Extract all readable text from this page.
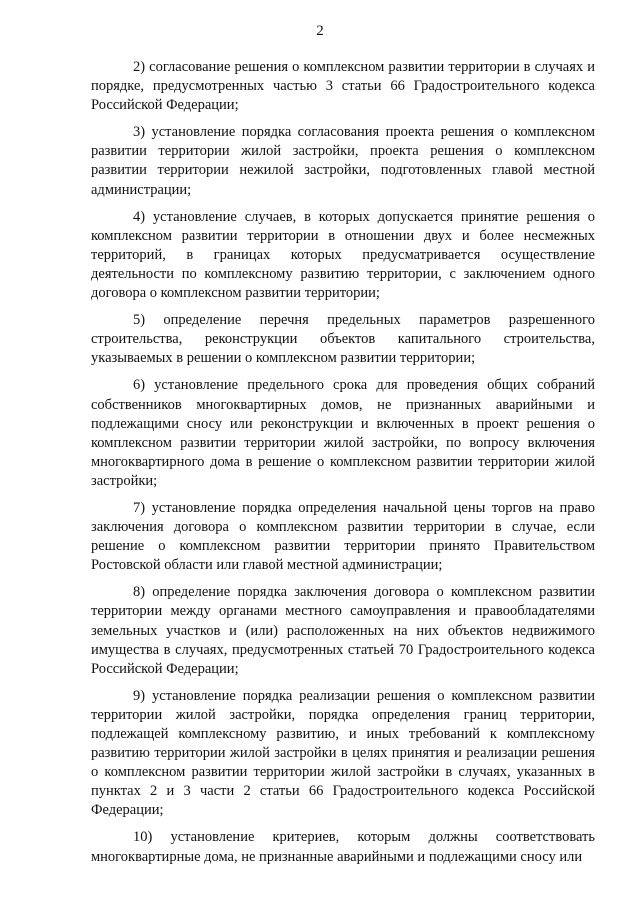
2

2) согласование решения о комплексном развитии территории в случаях и порядке, предусмотренных частью 3 статьи 66 Градостроительного кодекса Российской Федерации;

3) установление порядка согласования проекта решения о комплексном развитии территории жилой застройки, проекта решения о комплексном развитии территории нежилой застройки, подготовленных главой местной администрации;

4) установление случаев, в которых допускается принятие решения о комплексном развитии территории в отношении двух и более несмежных территорий, в границах которых предусматривается осуществление деятельности по комплексному развитию территории, с заключением одного договора о комплексном развитии территории;

5) определение перечня предельных параметров разрешенного строительства, реконструкции объектов капитального строительства, указываемых в решении о комплексном развитии территории;

6) установление предельного срока для проведения общих собраний собственников многоквартирных домов, не признанных аварийными и подлежащими сносу или реконструкции и включенных в проект решения о комплексном развитии территории жилой застройки, по вопросу включения многоквартирного дома в решение о комплексном развитии территории жилой застройки;

7) установление порядка определения начальной цены торгов на право заключения договора о комплексном развитии территории в случае, если решение о комплексном развитии территории принято Правительством Ростовской области или главой местной администрации;

8) определение порядка заключения договора о комплексном развитии территории между органами местного самоуправления и правообладателями земельных участков и (или) расположенных на них объектов недвижимого имущества в случаях, предусмотренных статьей 70 Градостроительного кодекса Российской Федерации;

9) установление порядка реализации решения о комплексном развитии территории жилой застройки, порядка определения границ территории, подлежащей комплексному развитию, и иных требований к комплексному развитию территории жилой застройки в целях принятия и реализации решения о комплексном развитии территории жилой застройки в случаях, указанных в пунктах 2 и 3 части 2 статьи 66 Градостроительного кодекса Российской Федерации;

10) установление критериев, которым должны соответствовать многоквартирные дома, не признанные аварийными и подлежащими сносу или
